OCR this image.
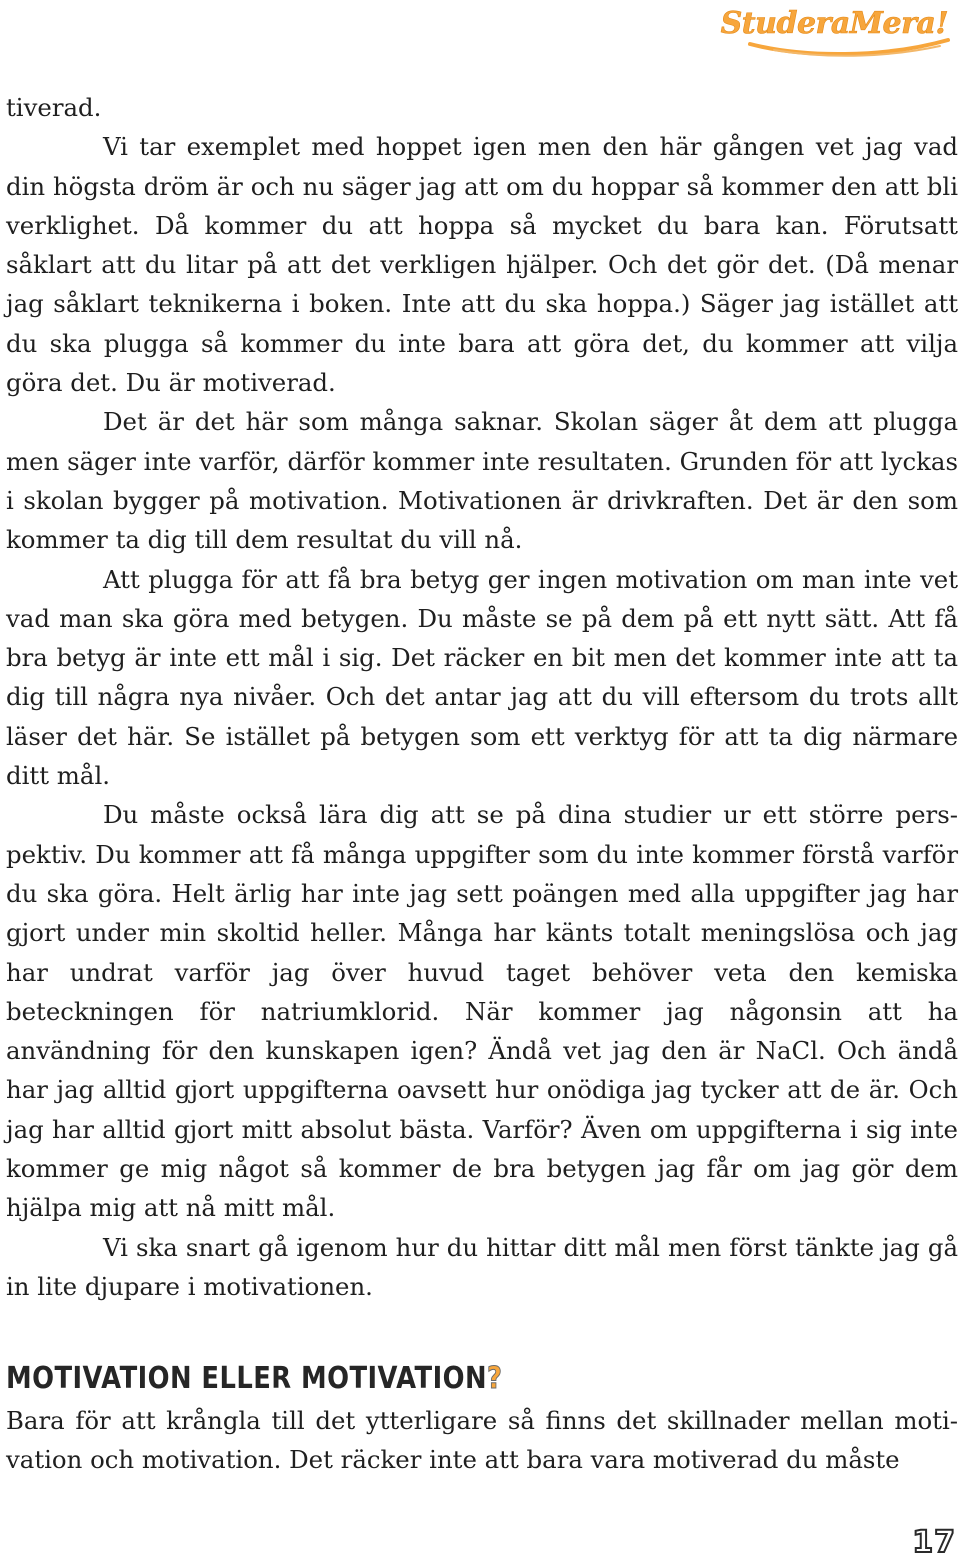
StuderaMera!

tiverad.

Vi tar exemplet med hoppet igen men den här gången vet jag vad din högsta dröm är och nu säger jag att om du hoppar så kommer den att bli verklighet. Då kommer du att hoppa så mycket du bara kan. Förutsatt såklart att du litar på att det verkligen hjälper. Och det gör det. (Då menar jag såklart teknikerna i boken. Inte att du ska hoppa.) Säger jag istället att du ska plugga så kommer du inte bara att göra det, du kommer att vilja göra det. Du är motiverad.

Det är det här som många saknar. Skolan säger åt dem att plugga men säger inte varför, därför kommer inte resultaten. Grunden för att lyckas i skolan bygger på motivation. Motivationen är drivkraften. Det är den som kommer ta dig till dem resultat du vill nå.

Att plugga för att få bra betyg ger ingen motivation om man inte vet vad man ska göra med betygen. Du måste se på dem på ett nytt sätt. Att få bra betyg är inte ett mål i sig. Det räcker en bit men det kommer inte att ta dig till några nya nivåer. Och det antar jag att du vill eftersom du trots allt läser det här. Se istället på betygen som ett verktyg för att ta dig närmare ditt mål.

Du måste också lära dig att se på dina studier ur ett större perspektiv. Du kommer att få många uppgifter som du inte kommer förstå varför du ska göra. Helt ärlig har inte jag sett poängen med alla uppgifter jag har gjort under min skoltid heller. Många har känts totalt meningslösa och jag har undrat varför jag över huvud taget behöver veta den kemiska beteckningen för natriumklorid. När kommer jag någonsin att ha användning för den kunskapen igen? Ändå vet jag den är NaCl. Och ändå har jag alltid gjort uppgifterna oavsett hur onödiga jag tycker att de är. Och jag har alltid gjort mitt absolut bästa. Varför? Även om uppgifterna i sig inte kommer ge mig något så kommer de bra betygen jag får om jag gör dem hjälpa mig att nå mitt mål.

Vi ska snart gå igenom hur du hittar ditt mål men först tänkte jag gå in lite djupare i motivationen.

MOTIVATION ELLER MOTIVATION?

Bara för att krångla till det ytterligare så finns det skillnader mellan motivation och motivation. Det räcker inte att bara vara motiverad du måste

17
